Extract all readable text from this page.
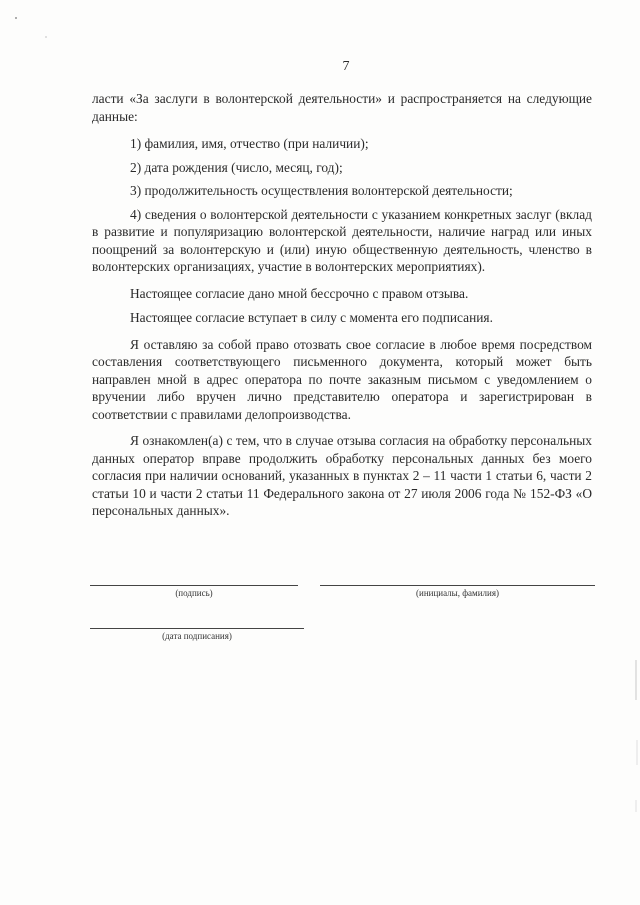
7

ласти «За заслуги в волонтерской деятельности» и распространяется на следующие данные:

1) фамилия, имя, отчество (при наличии);

2) дата рождения (число, месяц, год);

3) продолжительность осуществления волонтерской деятельности;

4) сведения о волонтерской деятельности с указанием конкретных заслуг (вклад в развитие и популяризацию волонтерской деятельности, наличие наград или иных поощрений за волонтерскую и (или) иную общественную деятельность, членство в волонтерских организациях, участие в волонтерских мероприятиях).

Настоящее согласие дано мной бессрочно с правом отзыва.

Настоящее согласие вступает в силу с момента его подписания.

Я оставляю за собой право отозвать свое согласие в любое время посредством составления соответствующего письменного документа, который может быть направлен мной в адрес оператора по почте заказным письмом с уведомлением о вручении либо вручен лично представителю оператора и зарегистрирован в соответствии с правилами делопроизводства.

Я ознакомлен(а) с тем, что в случае отзыва согласия на обработку персональных данных оператор вправе продолжить обработку персональных данных без моего согласия при наличии оснований, указанных в пунктах 2 – 11 части 1 статьи 6, части 2 статьи 10 и части 2 статьи 11 Федерального закона от 27 июля 2006 года № 152-ФЗ «О персональных данных».

(подпись)	(инициалы, фамилия)
(дата подписания)
